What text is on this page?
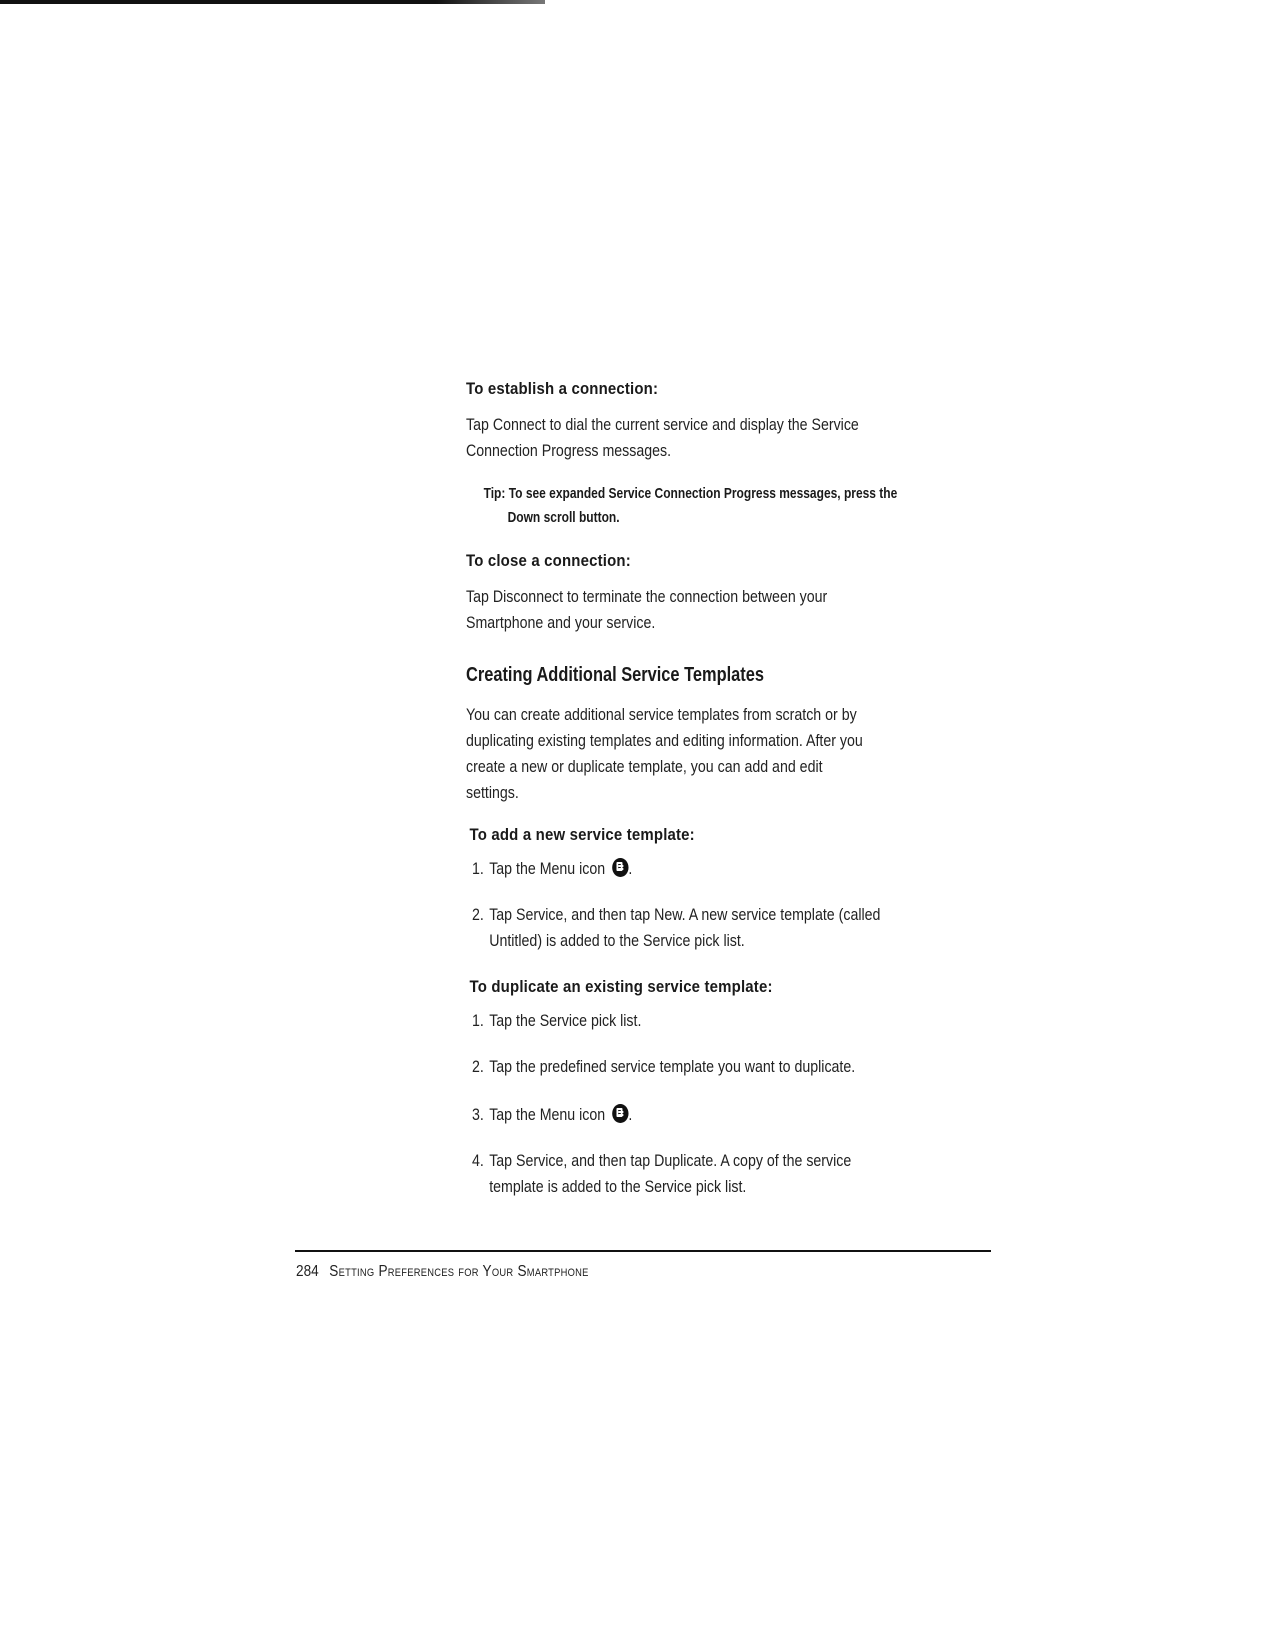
To establish a connection:

Tap Connect to dial the current service and display the Service

Connection Progress messages.

Tip: To see expanded Service Connection Progress messages, press the
Down scroll button.

To close a connection:

Tap Disconnect to terminate the connection between your

Smartphone and your service.

Creating Additional Service Templates

You can create additional service templates from scratch or by

duplicating existing templates and editing information. After you

create a new or duplicate template, you can add and edit

settings.

To add a new service template:

1. Tap the Menu icon .
2. Tap Service, and then tap New. A new service template (called
Untitled) is added to the Service pick list.

To duplicate an existing service template:

1. Tap the Service pick list.
2. Tap the predefined service template you want to duplicate.
3. Tap the Menu icon .
4. Tap Service, and then tap Duplicate. A copy of the service
template is added to the Service pick list.
284 Setting Preferences for Your Smartphone
